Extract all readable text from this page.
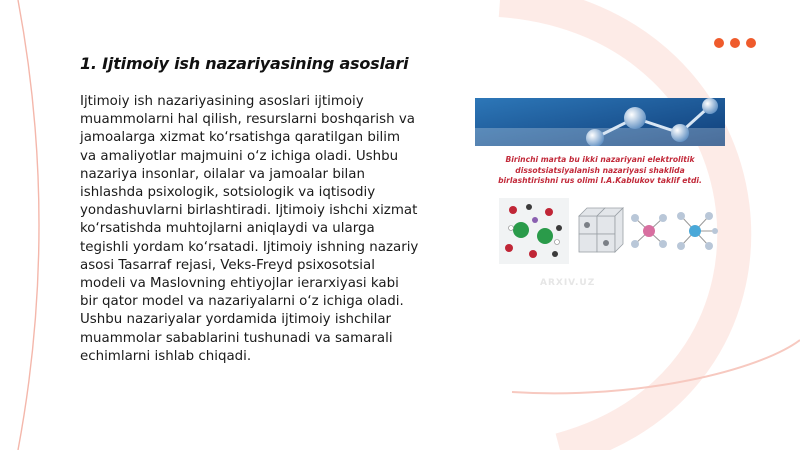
1. Ijtimoiy ish nazariyasining asoslari

Ijtimoiy ish nazariyasining asoslari ijtimoiy muammolarni hal qilish, resurslarni boshqarish va jamoalarga xizmat ko‘rsatishga qaratilgan bilim va amaliyotlar majmuini o‘z ichiga oladi. Ushbu nazariya insonlar, oilalar va jamoalar bilan ishlashda psixologik, sotsiologik va iqtisodiy yondashuvlarni birlashtiradi. Ijtimoiy ishchi xizmat ko‘rsatishda muhtojlarni aniqlaydi va ularga tegishli yordam ko‘rsatadi. Ijtimoiy ishning nazariy asosi Tasarraf rejasi, Veks-Freyd psixosotsial modeli va Maslovning ehtiyojlar ierarxiyasi kabi bir qator model va nazariyalarni o‘z ichiga oladi. Ushbu nazariyalar yordamida ijtimoiy ishchilar muammolar sabablarini tushunadi va samarali echimlarni ishlab chiqadi.

Birinchi marta bu ikki nazariyani elektrolitik dissotsiatsiyalanish nazariyasi shaklida birlashtirishni rus olimi I.A.Kablukov taklif etdi.

ARXIV.UZ
